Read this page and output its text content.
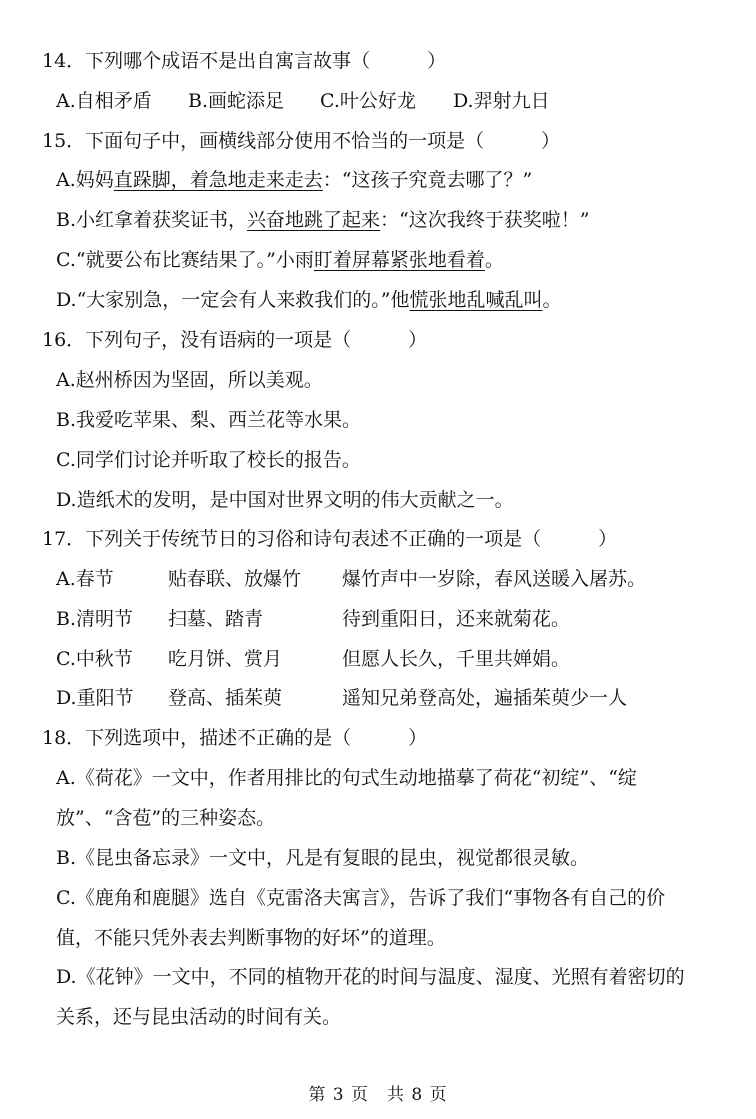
14．下列哪个成语不是出自寓言故事（　　　）
A.自相矛盾 B.画蛇添足 C.叶公好龙 D.羿射九日
15．下面句子中，画横线部分使用不恰当的一项是（　　　）
A.妈妈直跺脚，着急地走来走去：“这孩子究竟去哪了？”
B.小红拿着获奖证书，兴奋地跳了起来：“这次我终于获奖啦！”
C.“就要公布比赛结果了。”小雨盯着屏幕紧张地看着。
D.“大家别急，一定会有人来救我们的。”他慌张地乱喊乱叫。
16．下列句子，没有语病的一项是（　　　）
A.赵州桥因为坚固，所以美观。
B.我爱吃苹果、梨、西兰花等水果。
C.同学们讨论并听取了校长的报告。
D.造纸术的发明，是中国对世界文明的伟大贡献之一。
17．下列关于传统节日的习俗和诗句表述不正确的一项是（　　　）
A.春节	贴春联、放爆竹 爆竹声中一岁除，春风送暖入屠苏。
B.清明节 扫墓、踏青	待到重阳日，还来就菊花。
C.中秋节 吃月饼、赏月	但愿人长久，千里共婵娟。
D.重阳节 登高、插茱萸	遥知兄弟登高处，遍插茱萸少一人
18．下列选项中，描述不正确的是（　　　）
A.《荷花》一文中，作者用排比的句式生动地描摹了荷花“初绽”、“绽
放”、“含苞”的三种姿态。
B.《昆虫备忘录》一文中，凡是有复眼的昆虫，视觉都很灵敏。
C.《鹿角和鹿腿》选自《克雷洛夫寓言》，告诉了我们“事物各有自己的价
值，不能只凭外表去判断事物的好坏”的道理。
D.《花钟》一文中，不同的植物开花的时间与温度、湿度、光照有着密切的
关系，还与昆虫活动的时间有关。
第 3 页　共 8 页
